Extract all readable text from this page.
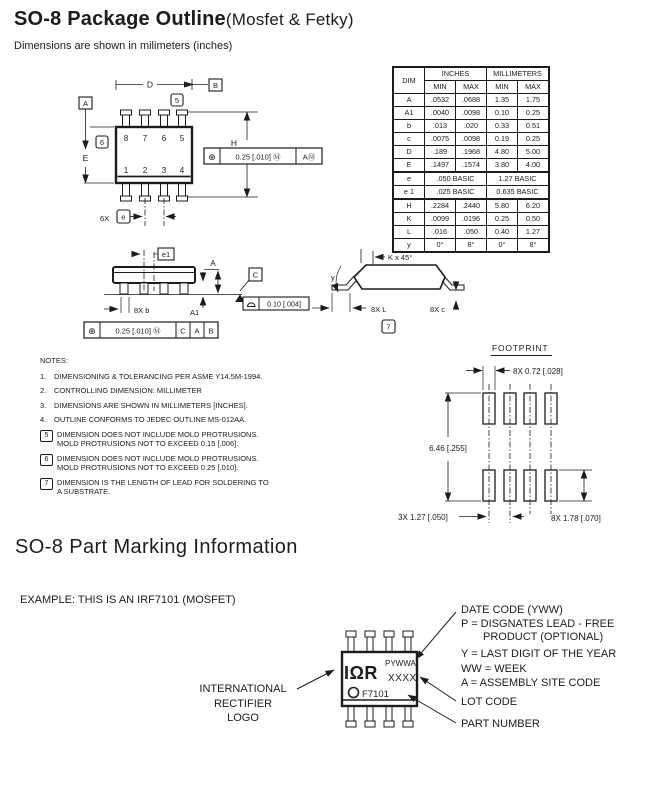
8 7 6 5
1 2 3 4
D	B
A
E
5
6	H
⊕	0.25 [.010] Ⓜ	AⓂ
6X e
e1
A
A1
8X b
C
0.10 [.004]
⊕	0.25 [.010] Ⓜ	C A B
K x 45°
y
8X L	8X c
7
FOOTPRINT
8X 0.72 [.028]
6.46 [.255]
3X 1.27 [.050]	8X 1.78 [.070]
IΩR PYWWA
XXXX
F7101
SO-8 Package Outline(Mosfet & Fetky)
Dimensions are shown in milimeters (inches)
DIM	INCHES		MILLIMETERS	
	MIN	MAX	MIN	MAX
A	.0532	.0688	1.35	1.75
A1	.0040	.0098	0.10	0.25
b	.013	.020	0.33	0.51
c	.0075	.0098	0.19	0.25
D	.189	.1968	4.80	5.00
E	.1497	.1574	3.80	4.00
e	.050 BASIC		1.27 BASIC	
e 1	.025 BASIC		0.635 BASIC	
H	.2284	.2440	5.80	6.20
K	.0099	.0196	0.25	0.50
L	.016	.050	0.40	1.27
y	0°	8°	0°	8°
NOTES:
1.	DIMENSIONING & TOLERANCING PER ASME Y14.5M-1994.
2.	CONTROLLING DIMENSION: MILLIMETER
3.	DIMENSIONS ARE SHOWN IN MILLIMETERS [INCHES].
4.	OUTLINE CONFORMS TO JEDEC OUTLINE MS-012AA.
5	DIMENSION DOES NOT INCLUDE MOLD PROTRUSIONS.
MOLD PROTRUSIONS NOT TO EXCEED 0.15 [.006].
6	DIMENSION DOES NOT INCLUDE MOLD PROTRUSIONS.
MOLD PROTRUSIONS NOT TO EXCEED 0.25 [.010].
7	DIMENSION IS THE LENGTH OF LEAD FOR SOLDERING TO
A SUBSTRATE.
SO-8 Part Marking Information
EXAMPLE: THIS IS AN IRF7101 (MOSFET)
INTERNATIONAL
RECTIFIER
LOGO
DATE CODE (YWW)
P = DISGNATES LEAD - FREE
PRODUCT (OPTIONAL)
Y = LAST DIGIT OF THE YEAR
WW = WEEK
A = ASSEMBLY SITE CODE
LOT CODE
PART NUMBER
